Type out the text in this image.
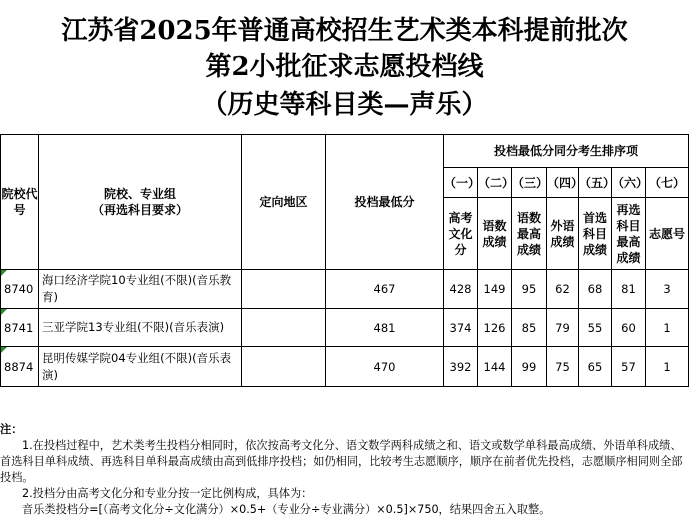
江苏省2025年普通高校招生艺术类本科提前批次
第2小批征求志愿投档线
（历史等科目类—声乐）
院校代号	院校、专业组
（再选科目要求）	定向地区	投档最低分	投档最低分同分考生排序项						
				（一）	（二）	（三）	（四）	（五）	（六）	（七）
				高考文化分	语数成绩	语数最高成绩	外语成绩	首选科目成绩	再选科目最高成绩	志愿号
8740	海口经济学院10专业组(不限)(音乐教育)		467	428	149	95	62	68	81	3
8741	三亚学院13专业组(不限)(音乐表演)		481	374	126	85	79	55	60	1
8874	昆明传媒学院04专业组(不限)(音乐表演)		470	392	144	99	75	65	57	1

注：

1.在投档过程中，艺术类考生投档分相同时，依次按高考文化分、语文数学两科成绩之和、语文或数学单科最高成绩、外语单科成绩、首选科目单科成绩、再选科目单科最高成绩由高到低排序投档；如仍相同，比较考生志愿顺序，顺序在前者优先投档，志愿顺序相同则全部投档。

2.投档分由高考文化分和专业分按一定比例构成，具体为：

音乐类投档分=[（高考文化分÷文化满分）×0.5+（专业分÷专业满分）×0.5]×750，结果四舍五入取整。
